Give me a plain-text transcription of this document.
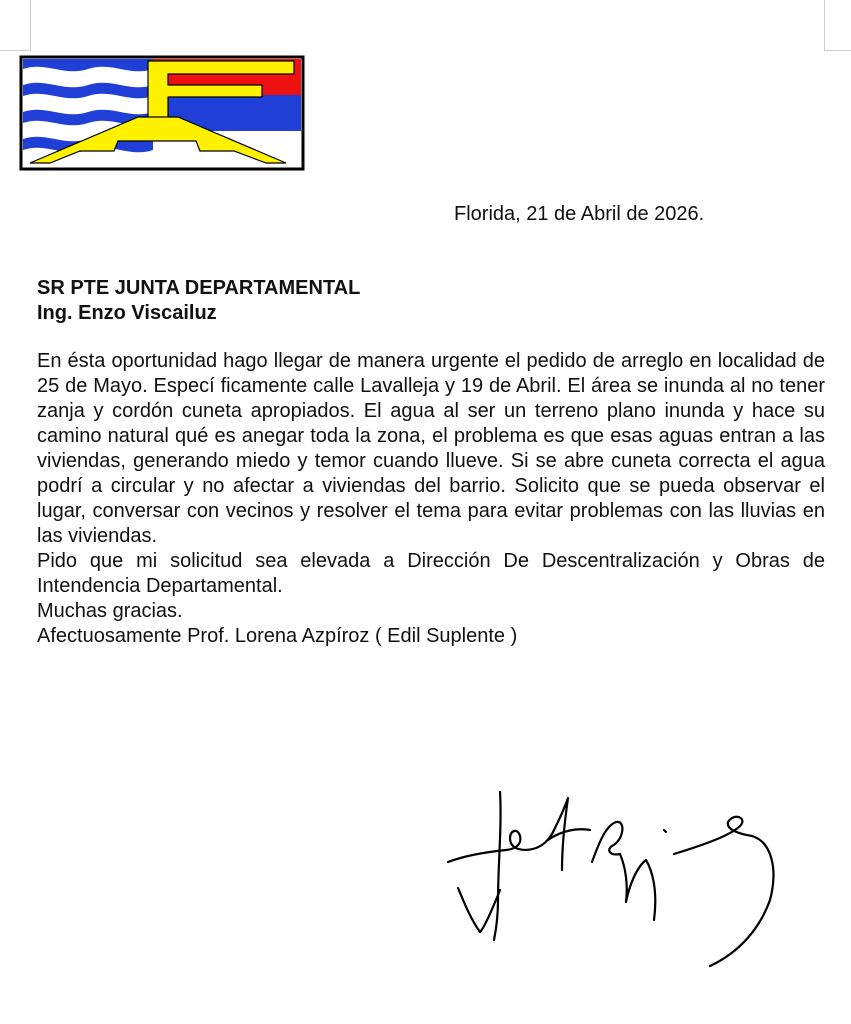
Florida, 21 de Abril de 2026.
SR PTE JUNTA DEPARTAMENTAL
Ing. Enzo Viscailuz

En ésta oportunidad hago llegar de manera urgente el pedido de arreglo en localidad de 25 de Mayo. Especí ficamente calle Lavalleja y 19 de Abril. El área se inunda al no tener zanja y cordón cuneta apropiados. El agua al ser un terreno plano inunda y hace su camino natural qué es anegar toda la zona, el problema es que esas aguas entran a las viviendas, generando miedo y temor cuando llueve. Si se abre cuneta correcta el agua podrí a circular y no afectar a viviendas del barrio. Solicito que se pueda observar el lugar, conversar con vecinos y resolver el tema para evitar problemas con las lluvias en las viviendas.

Pido que mi solicitud sea elevada a Dirección De Descentralización y Obras de Intendencia Departamental.

Muchas gracias.

Afectuosamente Prof. Lorena Azpíroz ( Edil Suplente )
